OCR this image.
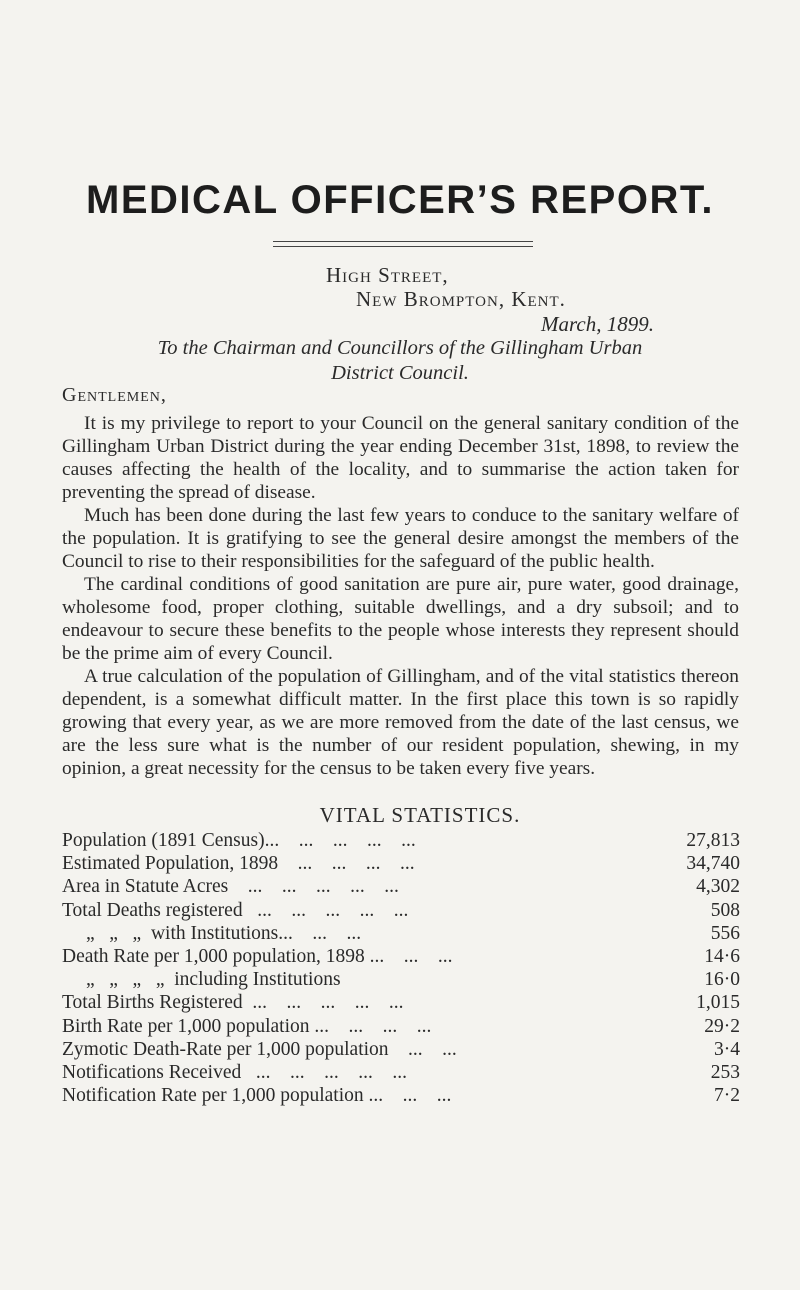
MEDICAL OFFICER’S REPORT.
High Street,
New Brompton, Kent.
March, 1899.
To the Chairman and Councillors of the Gillingham Urban
District Council.
Gentlemen,

It is my privilege to report to your Council on the general sanitary condition of the Gillingham Urban District during the year ending December 31st, 1898, to review the causes affecting the health of the locality, and to summarise the action taken for preventing the spread of disease.

Much has been done during the last few years to conduce to the sanitary welfare of the population. It is gratifying to see the general desire amongst the members of the Council to rise to their responsibilities for the safeguard of the public health.

The cardinal conditions of good sanitation are pure air, pure water, good drainage, wholesome food, proper clothing, suitable dwellings, and a dry subsoil; and to endeavour to secure these benefits to the people whose interests they represent should be the prime aim of every Council.

A true calculation of the population of Gillingham, and of the vital statistics thereon dependent, is a somewhat difficult matter. In the first place this town is so rapidly growing that every year, as we are more removed from the date of the last census, we are the less sure what is the number of our resident population, shewing, in my opinion, a great necessity for the census to be taken every five years.

VITAL STATISTICS.
Population (1891 Census)...    ...    ...    ...    ...	27,813
Estimated Population, 1898    ...    ...    ...    ...	34,740
Area in Statute Acres    ...    ...    ...    ...    ...	4,302
Total Deaths registered   ...    ...    ...    ...    ...	508
„   „   „  with Institutions...    ...    ...	556
Death Rate per 1,000 population, 1898 ...    ...    ...	14·6
„   „   „   „  including Institutions	16·0
Total Births Registered  ...    ...    ...    ...    ...	1,015
Birth Rate per 1,000 population ...    ...    ...    ...	29·2
Zymotic Death-Rate per 1,000 population    ...    ...	3·4
Notifications Received   ...    ...    ...    ...    ...	253
Notification Rate per 1,000 population ...    ...    ...	7·2
